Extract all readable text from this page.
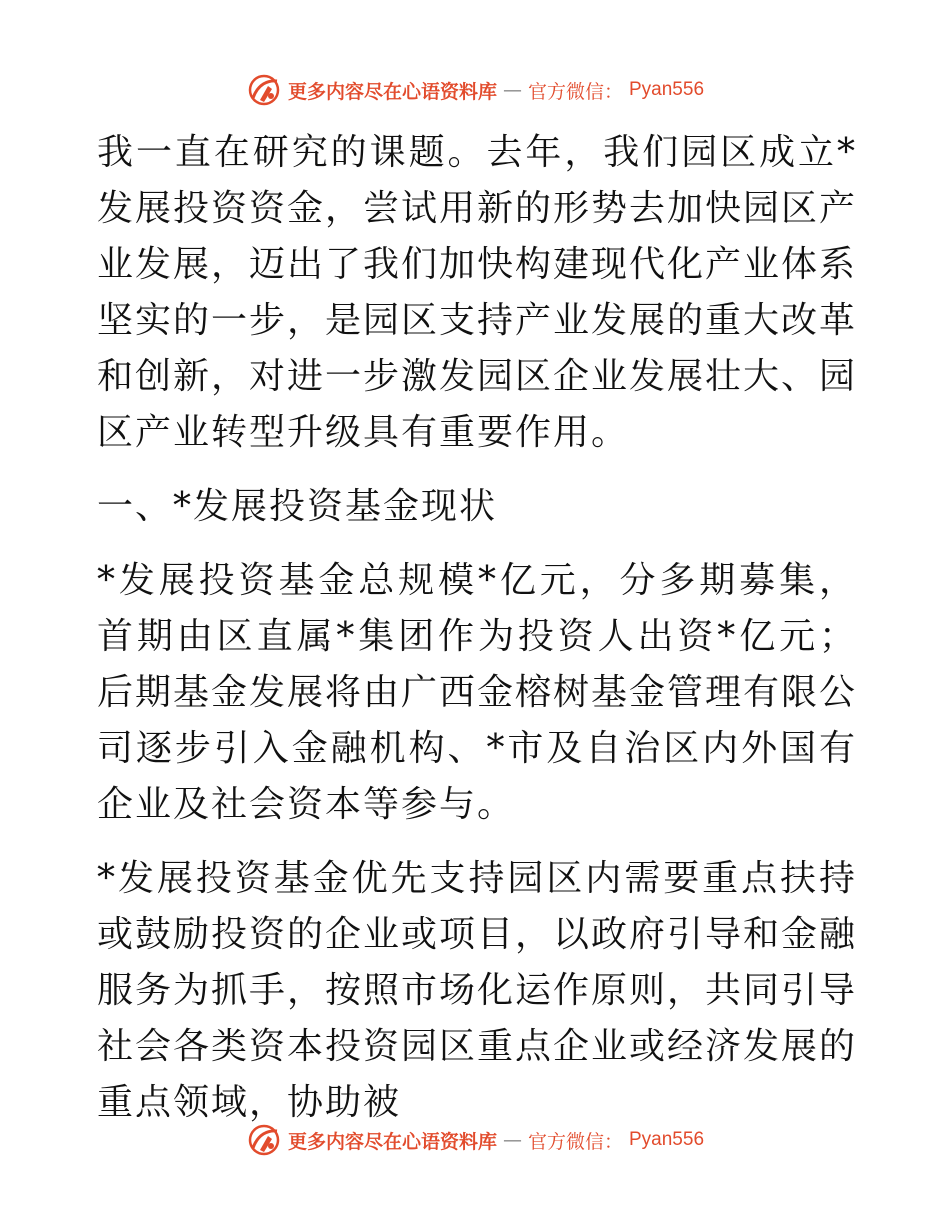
更多内容尽在心语资料库 — 官方微信： Pyan556

我一直在研究的课题。去年，我们园区成立*发展投资资金，尝试用新的形势去加快园区产业发展，迈出了我们加快构建现代化产业体系坚实的一步，是园区支持产业发展的重大改革和创新，对进一步激发园区企业发展壮大、园区产业转型升级具有重要作用。

一、*发展投资基金现状

*发展投资基金总规模*亿元，分多期募集，首期由区直属*集团作为投资人出资*亿元；后期基金发展将由广西金榕树基金管理有限公司逐步引入金融机构、*市及自治区内外国有企业及社会资本等参与。

*发展投资基金优先支持园区内需要重点扶持或鼓励投资的企业或项目，以政府引导和金融服务为抓手，按照市场化运作原则，共同引导社会各类资本投资园区重点企业或经济发展的重点领域，协助被

更多内容尽在心语资料库 — 官方微信： Pyan556
